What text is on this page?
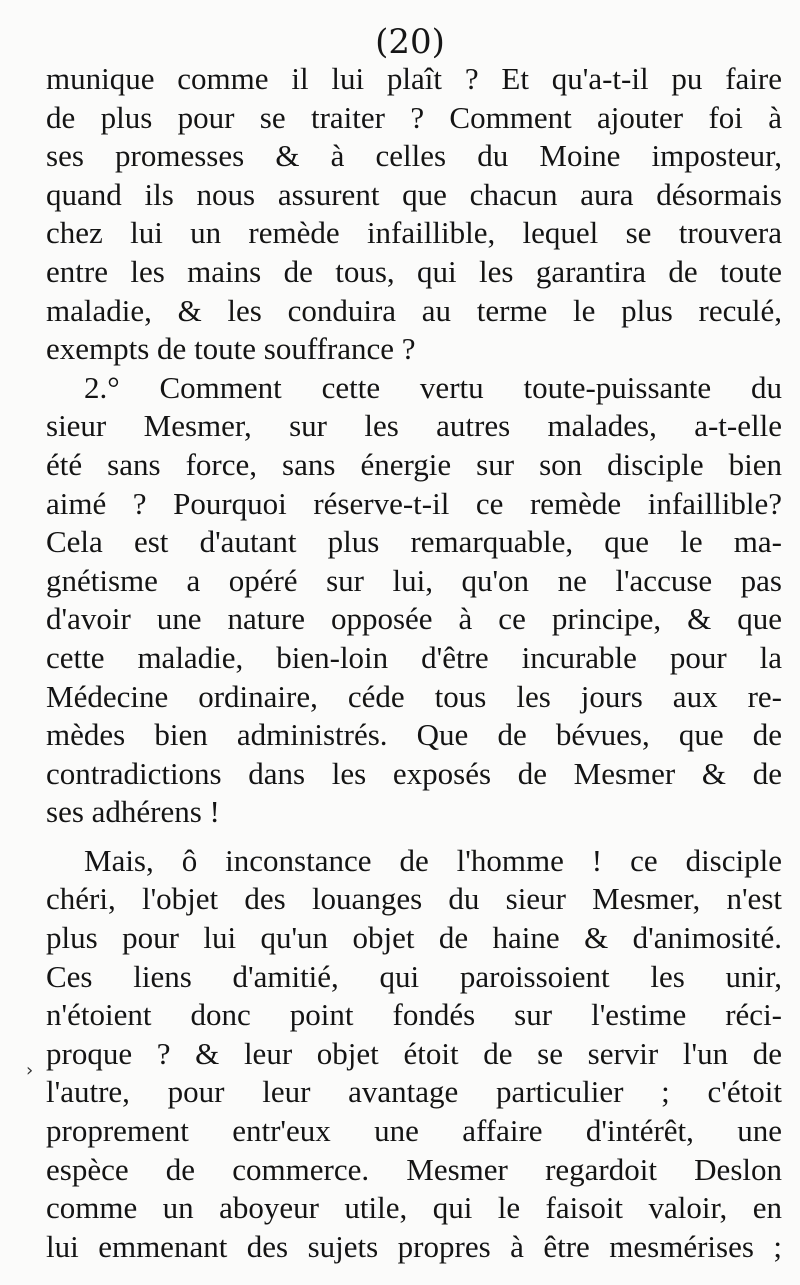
(20)
munique comme il lui plaît ? Et qu'a-t-il pu faire
de plus pour se traiter ? Comment ajouter foi à
ses promesses & à celles du Moine imposteur,
quand ils nous assurent que chacun aura désormais
chez lui un remède infaillible, lequel se trouvera
entre les mains de tous, qui les garantira de toute
maladie, & les conduira au terme le plus reculé,
exempts de toute souffrance ?
2.° Comment cette vertu toute-puissante du
sieur Mesmer, sur les autres malades, a-t-elle
été sans force, sans énergie sur son disciple bien
aimé ? Pourquoi réserve-t-il ce remède infaillible?
Cela est d'autant plus remarquable, que le ma-
gnétisme a opéré sur lui, qu'on ne l'accuse pas
d'avoir une nature opposée à ce principe, & que
cette maladie, bien-loin d'être incurable pour la
Médecine ordinaire, céde tous les jours aux re-
mèdes bien administrés. Que de bévues, que de
contradictions dans les exposés de Mesmer & de
ses adhérens !
Mais, ô inconstance de l'homme ! ce disciple
chéri, l'objet des louanges du sieur Mesmer, n'est
plus pour lui qu'un objet de haine & d'animosité.
Ces liens d'amitié, qui paroissoient les unir,
n'étoient donc point fondés sur l'estime réci-
proque ? & leur objet étoit de se servir l'un de
l'autre, pour leur avantage particulier ; c'étoit
proprement entr'eux une affaire d'intérêt, une
espèce de commerce. Mesmer regardoit Deslon
comme un aboyeur utile, qui le faisoit valoir, en
lui emmenant des sujets propres à être mesmérises ;
›
